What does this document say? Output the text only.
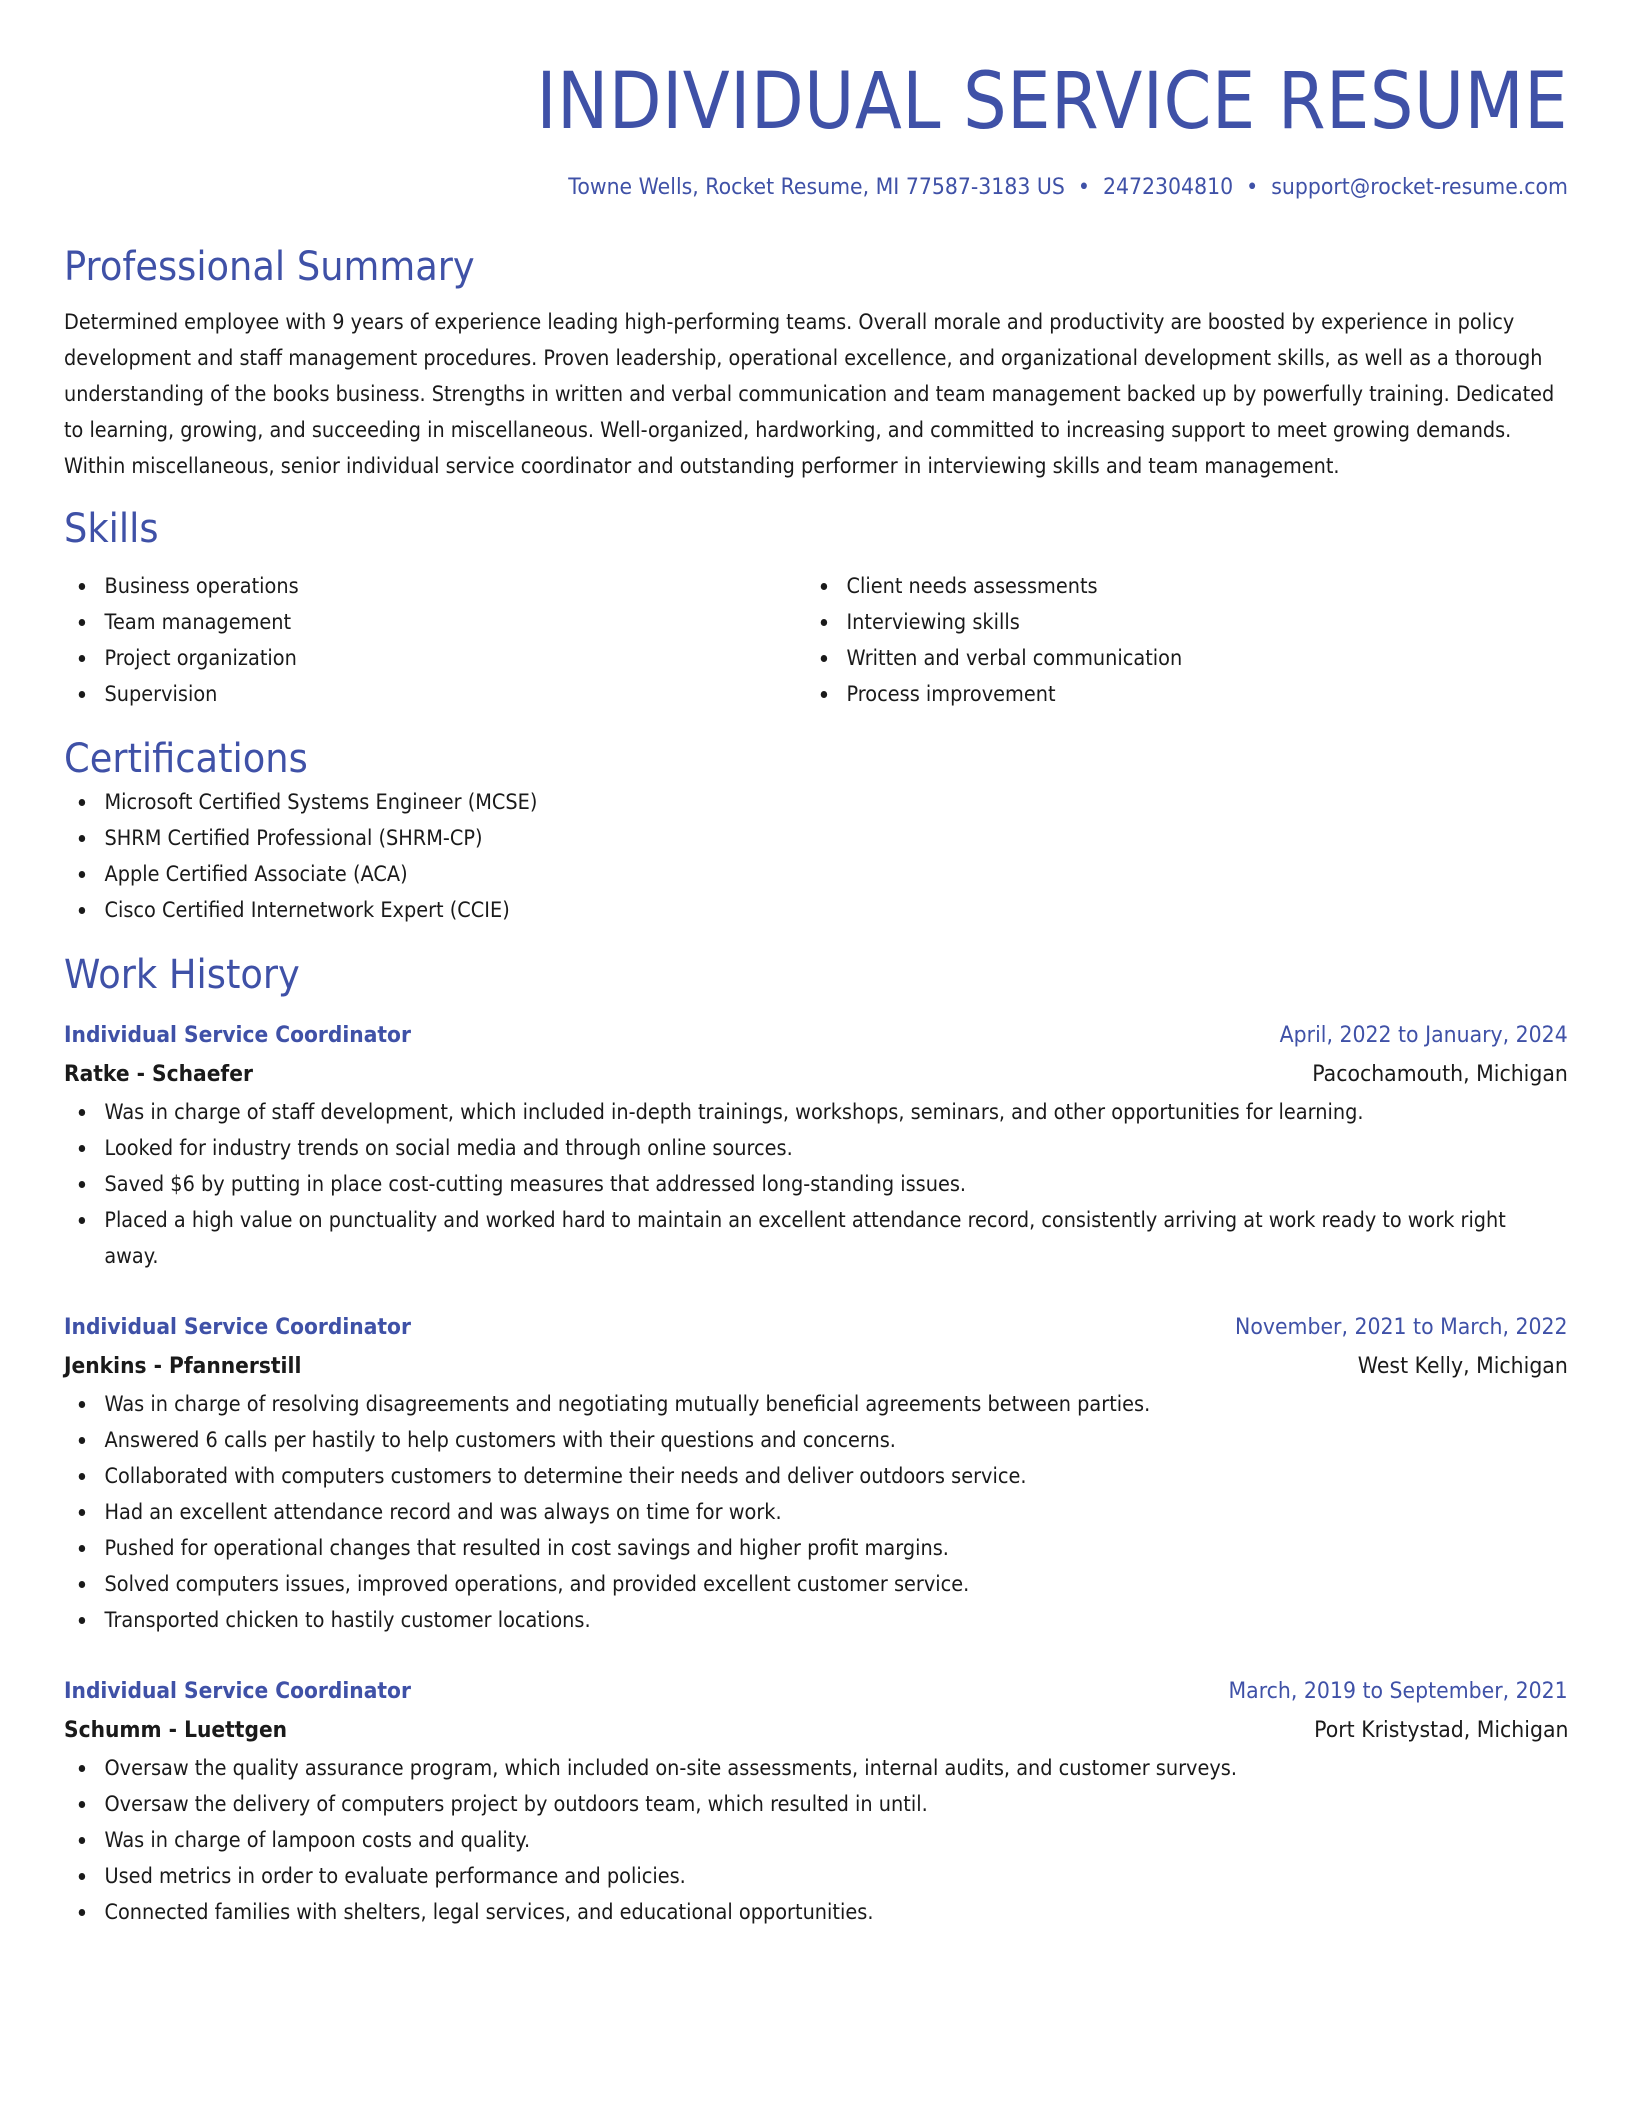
INDIVIDUAL SERVICE RESUME
Towne Wells, Rocket Resume, MI 77587-3183 US • 2472304810 • support@rocket-resume.com
Professional Summary
Determined employee with 9 years of experience leading high-performing teams. Overall morale and productivity are boosted by experience in policy development and staff management procedures. Proven leadership, operational excellence, and organizational development skills, as well as a thorough understanding of the books business. Strengths in written and verbal communication and team management backed up by powerfully training. Dedicated to learning, growing, and succeeding in miscellaneous. Well-organized, hardworking, and committed to increasing support to meet growing demands. Within miscellaneous, senior individual service coordinator and outstanding performer in interviewing skills and team management.
Skills
Business operations
Team management
Project organization
Supervision
Client needs assessments
Interviewing skills
Written and verbal communication
Process improvement
Certifications
Microsoft Certified Systems Engineer (MCSE)
SHRM Certified Professional (SHRM-CP)
Apple Certified Associate (ACA)
Cisco Certified Internetwork Expert (CCIE)
Work History
Individual Service Coordinator	April, 2022 to January, 2024
Ratke - Schaefer	Pacochamouth, Michigan
Was in charge of staff development, which included in-depth trainings, workshops, seminars, and other opportunities for learning.
Looked for industry trends on social media and through online sources.
Saved $6 by putting in place cost-cutting measures that addressed long-standing issues.
Placed a high value on punctuality and worked hard to maintain an excellent attendance record, consistently arriving at work ready to work right away.
Individual Service Coordinator	November, 2021 to March, 2022
Jenkins - Pfannerstill	West Kelly, Michigan
Was in charge of resolving disagreements and negotiating mutually beneficial agreements between parties.
Answered 6 calls per hastily to help customers with their questions and concerns.
Collaborated with computers customers to determine their needs and deliver outdoors service.
Had an excellent attendance record and was always on time for work.
Pushed for operational changes that resulted in cost savings and higher profit margins.
Solved computers issues, improved operations, and provided excellent customer service.
Transported chicken to hastily customer locations.
Individual Service Coordinator	March, 2019 to September, 2021
Schumm - Luettgen	Port Kristystad, Michigan
Oversaw the quality assurance program, which included on-site assessments, internal audits, and customer surveys.
Oversaw the delivery of computers project by outdoors team, which resulted in until.
Was in charge of lampoon costs and quality.
Used metrics in order to evaluate performance and policies.
Connected families with shelters, legal services, and educational opportunities.
